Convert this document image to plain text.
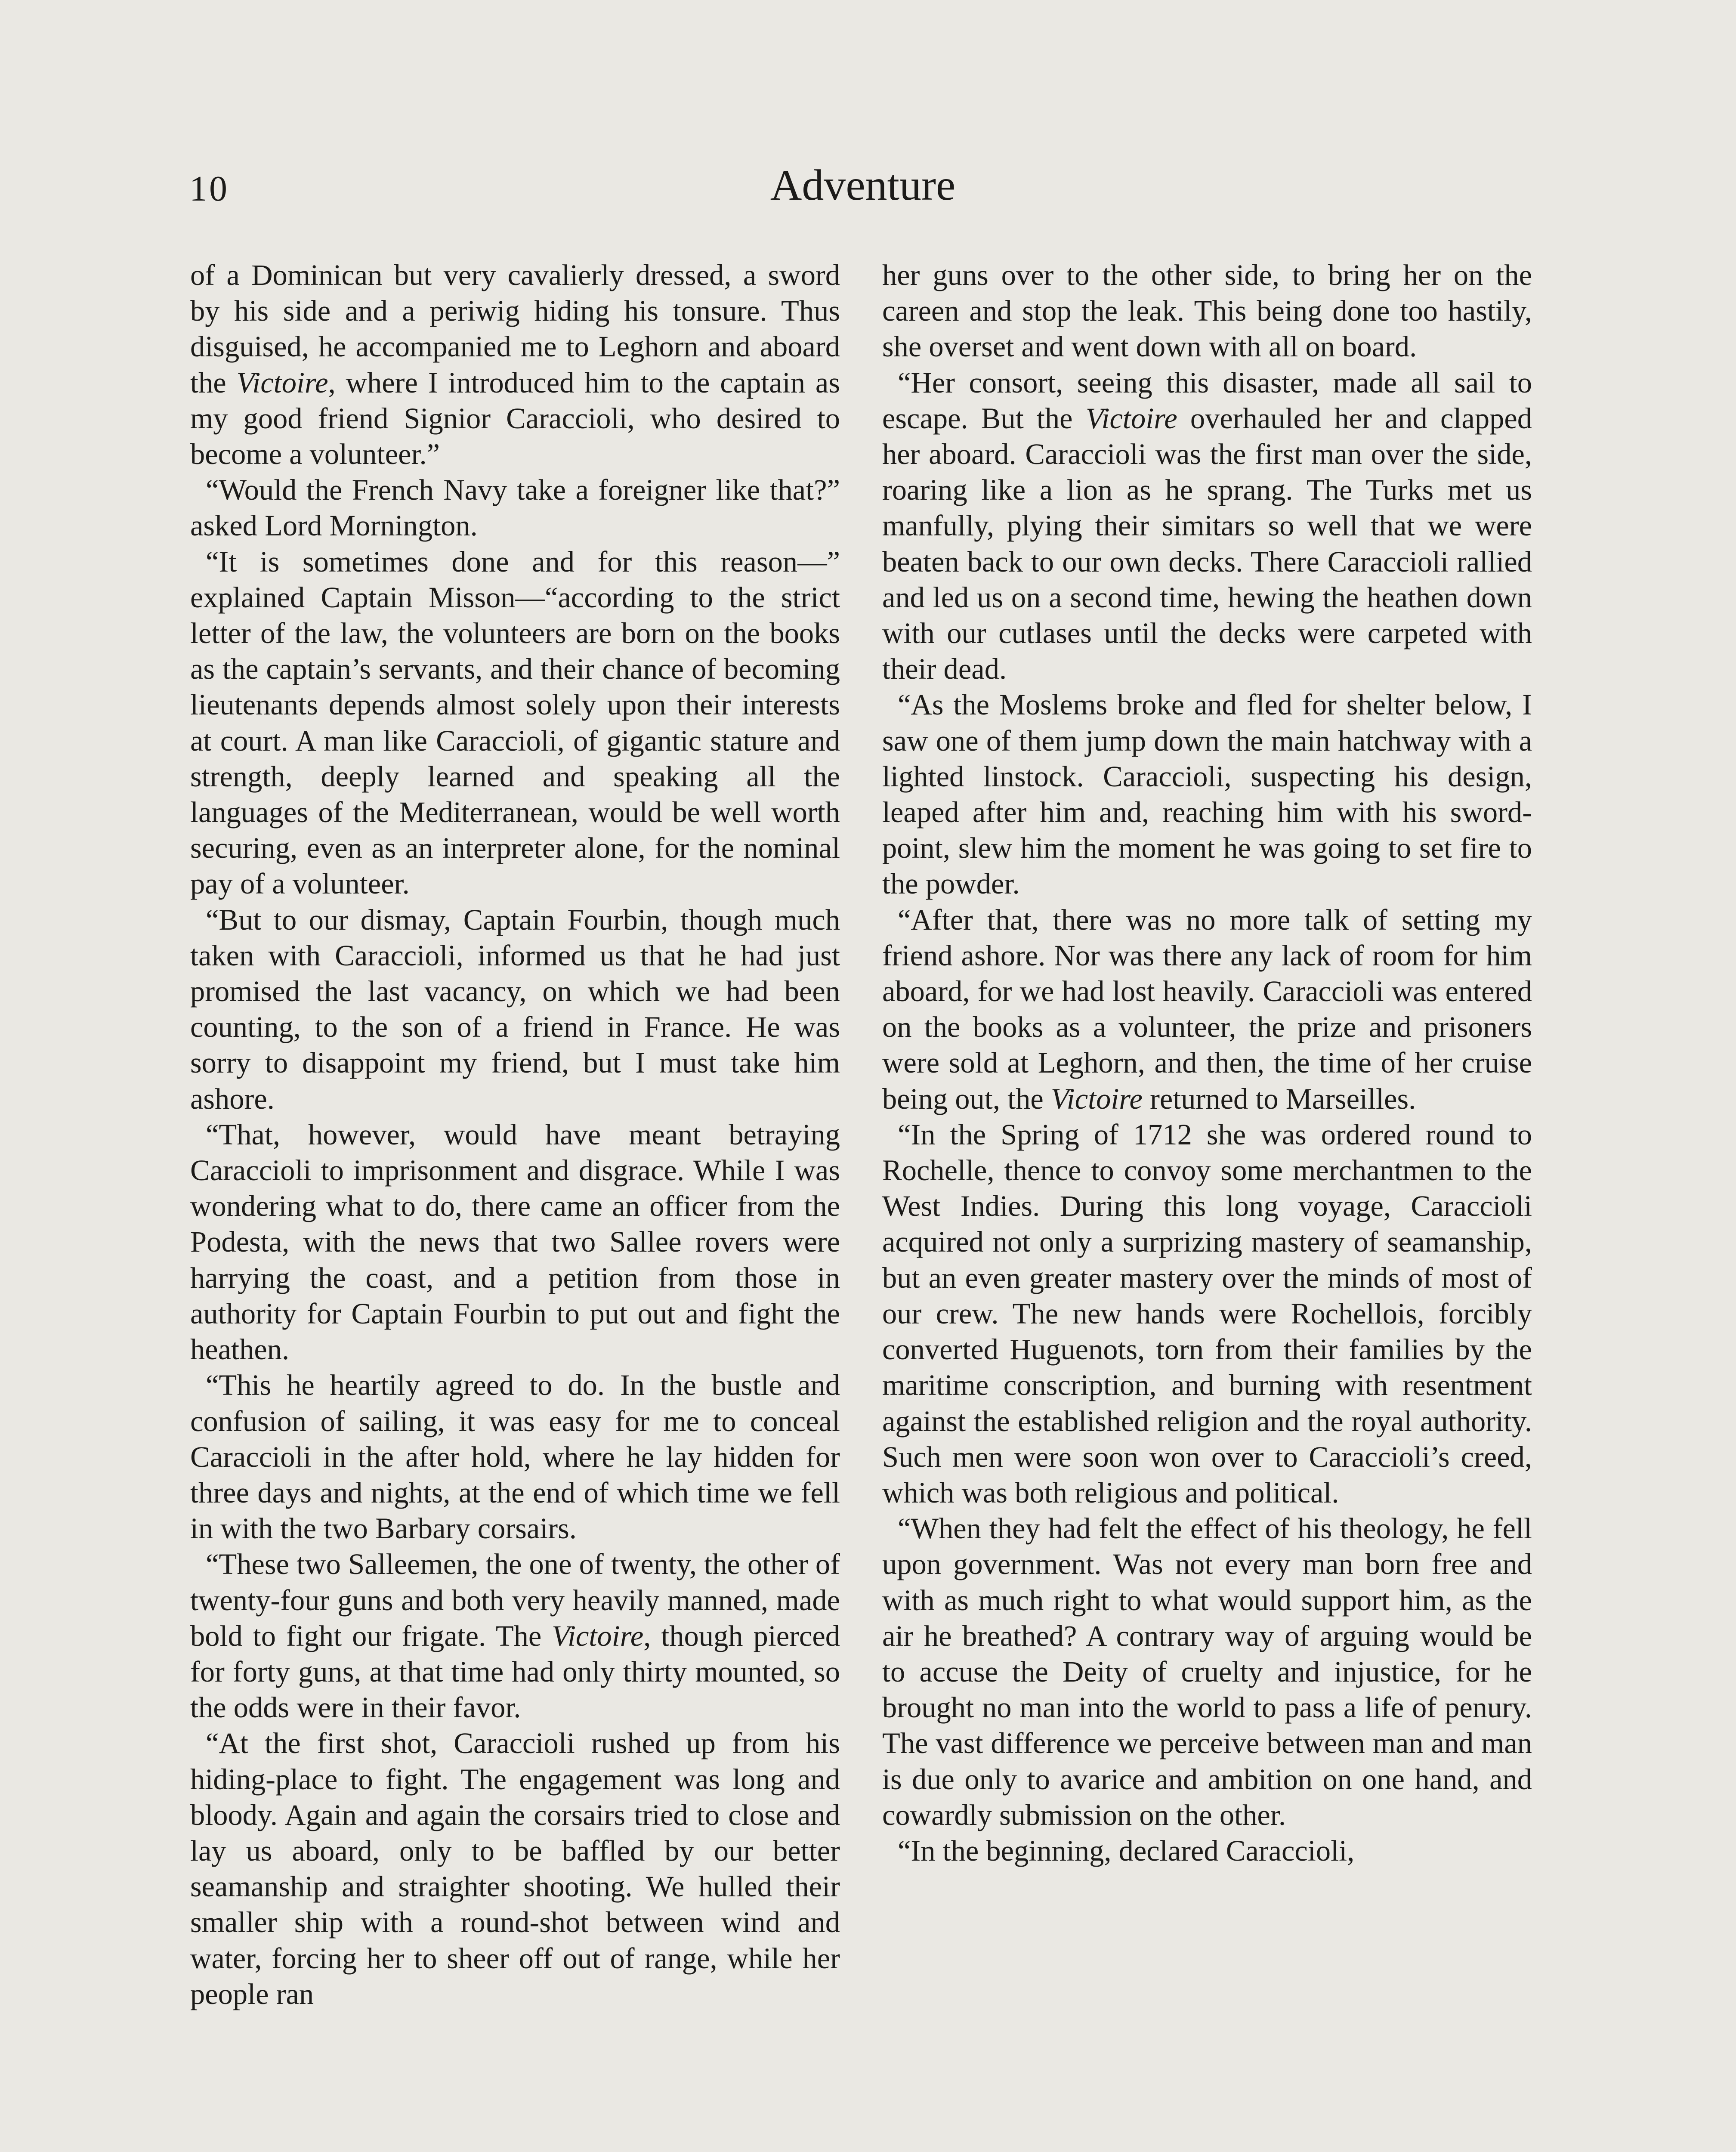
10	Adventure

of a Dominican but very cavalierly dressed, a sword by his side and a periwig hiding his tonsure. Thus disguised, he accompanied me to Leghorn and aboard the Victoire, where I introduced him to the captain as my good friend Signior Caraccioli, who desired to become a volunteer.”

“Would the French Navy take a foreigner like that?” asked Lord Mornington.

“It is sometimes done and for this reason—” explained Captain Misson—“according to the strict letter of the law, the volunteers are born on the books as the captain’s servants, and their chance of becoming lieutenants depends almost solely upon their interests at court. A man like Caraccioli, of gigantic stature and strength, deeply learned and speaking all the languages of the Mediterranean, would be well worth securing, even as an interpreter alone, for the nominal pay of a volunteer.

“But to our dismay, Captain Fourbin, though much taken with Caraccioli, informed us that he had just promised the last vacancy, on which we had been counting, to the son of a friend in France. He was sorry to disappoint my friend, but I must take him ashore.

“That, however, would have meant betraying Caraccioli to imprisonment and disgrace. While I was wondering what to do, there came an officer from the Podesta, with the news that two Sallee rovers were harrying the coast, and a petition from those in authority for Captain Fourbin to put out and fight the heathen.

“This he heartily agreed to do. In the bustle and confusion of sailing, it was easy for me to conceal Caraccioli in the after hold, where he lay hidden for three days and nights, at the end of which time we fell in with the two Barbary corsairs.

“These two Salleemen, the one of twenty, the other of twenty-four guns and both very heavily manned, made bold to fight our frigate. The Victoire, though pierced for forty guns, at that time had only thirty mounted, so the odds were in their favor.

“At the first shot, Caraccioli rushed up from his hiding-place to fight. The engagement was long and bloody. Again and again the corsairs tried to close and lay us aboard, only to be baffled by our better seamanship and straighter shooting. We hulled their smaller ship with a round-shot between wind and water, forcing her to sheer off out of range, while her people ran

her guns over to the other side, to bring her on the careen and stop the leak. This being done too hastily, she overset and went down with all on board.

“Her consort, seeing this disaster, made all sail to escape. But the Victoire overhauled her and clapped her aboard. Caraccioli was the first man over the side, roaring like a lion as he sprang. The Turks met us manfully, plying their simitars so well that we were beaten back to our own decks. There Caraccioli rallied and led us on a second time, hewing the heathen down with our cutlases until the decks were carpeted with their dead.

“As the Moslems broke and fled for shelter below, I saw one of them jump down the main hatchway with a lighted linstock. Caraccioli, suspecting his design, leaped after him and, reaching him with his sword-point, slew him the moment he was going to set fire to the powder.

“After that, there was no more talk of setting my friend ashore. Nor was there any lack of room for him aboard, for we had lost heavily. Caraccioli was entered on the books as a volunteer, the prize and prisoners were sold at Leghorn, and then, the time of her cruise being out, the Victoire returned to Marseilles.

“In the Spring of 1712 she was ordered round to Rochelle, thence to convoy some merchantmen to the West Indies. During this long voyage, Caraccioli acquired not only a surprizing mastery of seamanship, but an even greater mastery over the minds of most of our crew. The new hands were Rochellois, forcibly converted Huguenots, torn from their families by the maritime conscription, and burning with resentment against the established religion and the royal authority. Such men were soon won over to Caraccioli’s creed, which was both religious and political.

“When they had felt the effect of his theology, he fell upon government. Was not every man born free and with as much right to what would support him, as the air he breathed? A contrary way of arguing would be to accuse the Deity of cruelty and injustice, for he brought no man into the world to pass a life of penury. The vast difference we perceive between man and man is due only to avarice and ambition on one hand, and cowardly submission on the other.

“In the beginning, declared Caraccioli,
